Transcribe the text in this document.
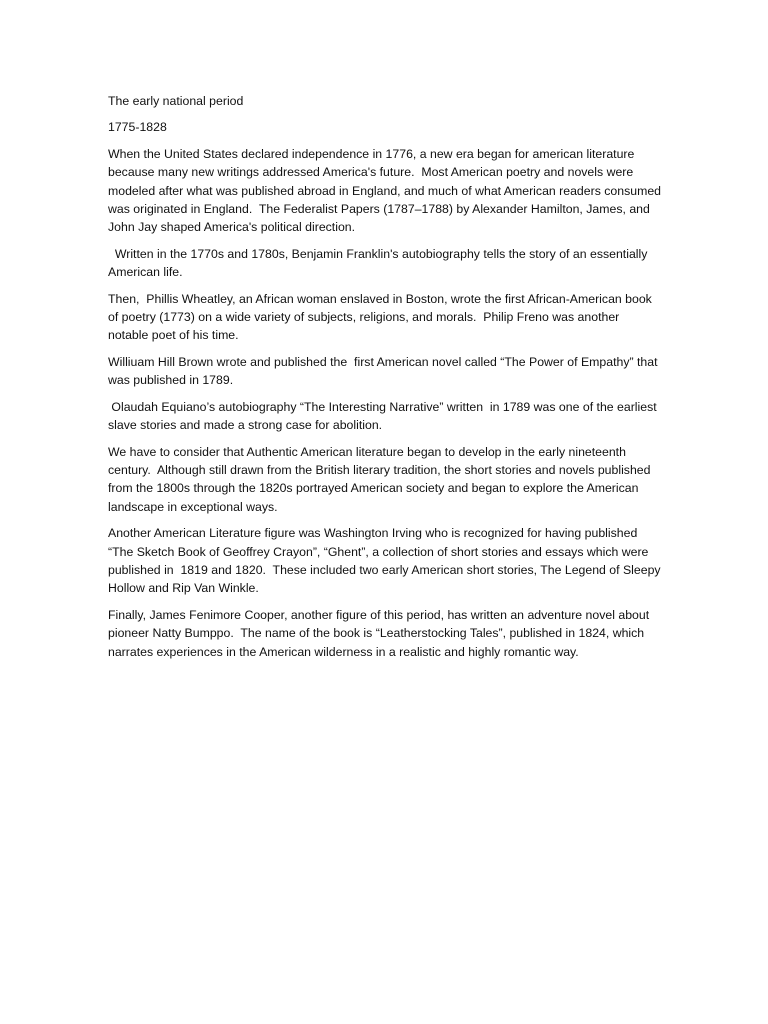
The early national period

1775-1828

When the United States declared independence in 1776, a new era began for american literature because many new writings addressed America's future.  Most American poetry and novels were modeled after what was published abroad in England, and much of what American readers consumed was originated in England.  The Federalist Papers (1787–1788) by Alexander Hamilton, James, and John Jay shaped America's political direction.

Written in the 1770s and 1780s, Benjamin Franklin's autobiography tells the story of an essentially American life.

Then,  Phillis Wheatley, an African woman enslaved in Boston, wrote the first African-American book of poetry (1773) on a wide variety of subjects, religions, and morals.  Philip Freno was another notable poet of his time.

Williuam Hill Brown wrote and published the  first American novel called “The Power of Empathy” that was published in 1789.

Olaudah Equiano’s autobiography “The Interesting Narrative” written  in 1789 was one of the earliest slave stories and made a strong case for abolition.

We have to consider that Authentic American literature began to develop in the early nineteenth century.  Although still drawn from the British literary tradition, the short stories and novels published from the 1800s through the 1820s portrayed American society and began to explore the American landscape in exceptional ways.

Another American Literature figure was Washington Irving who is recognized for having published “The Sketch Book of Geoffrey Crayon”, “Ghent”, a collection of short stories and essays which were published in  1819 and 1820.  These included two early American short stories, The Legend of Sleepy Hollow and Rip Van Winkle.

Finally, James Fenimore Cooper, another figure of this period, has written an adventure novel about pioneer Natty Bumppo.  The name of the book is “Leatherstocking Tales”, published in 1824, which narrates experiences in the American wilderness in a realistic and highly romantic way.
